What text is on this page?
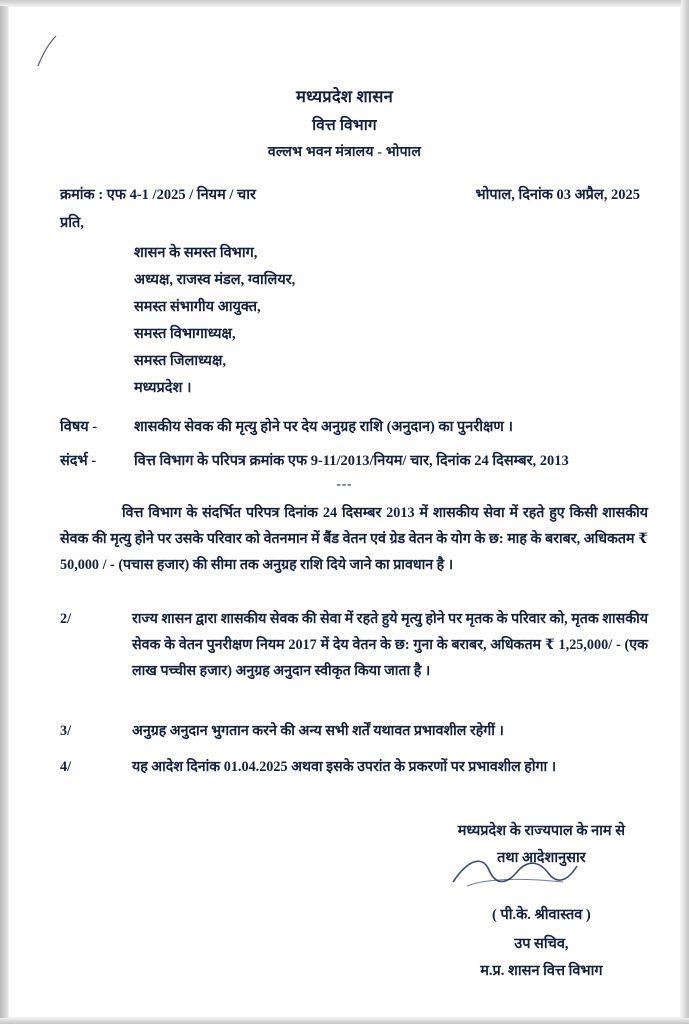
मध्यप्रदेश शासन
वित्त विभाग
वल्लभ भवन मंत्रालय - भोपाल
क्रमांक : एफ 4-1 /2025 / नियम / चार	भोपाल, दिनांक 03 अप्रैल, 2025
प्रति,
शासन के समस्त विभाग,
अध्यक्ष, राजस्व मंडल, ग्वालियर,
समस्त संभागीय आयुक्त,
समस्त विभागाध्यक्ष,
समस्त जिलाध्यक्ष,
मध्यप्रदेश ।
विषय -	शासकीय सेवक की मृत्यु होने पर देय अनुग्रह राशि (अनुदान) का पुनरीक्षण ।
संदर्भ -	वित्त विभाग के परिपत्र क्रमांक एफ 9-11/2013/नियम/ चार, दिनांक 24 दिसम्बर, 2013
---
वित्त विभाग के संदर्भित परिपत्र दिनांक 24 दिसम्बर 2013 में शासकीय सेवा में रहते हुए किसी शासकीय सेवक की मृत्यु होने पर उसके परिवार को वेतनमान में बैंड वेतन एवं ग्रेड वेतन के योग के छ: माह के बराबर, अधिकतम ₹ 50,000 / - (पचास हजार) की सीमा तक अनुग्रह राशि दिये जाने का प्रावधान है ।
2/	राज्य शासन द्वारा शासकीय सेवक की सेवा में रहते हुये मृत्यु होने पर मृतक के परिवार को, मृतक शासकीय सेवक के वेतन पुनरीक्षण नियम 2017 में देय वेतन के छ: गुना के बराबर, अधिकतम ₹ 1,25,000/ - (एक लाख पच्चीस हजार) अनुग्रह अनुदान स्वीकृत किया जाता है ।
3/	अनुग्रह अनुदान भुगतान करने की अन्य सभी शर्तें यथावत प्रभावशील रहेगीं ।
4/	यह आदेश दिनांक 01.04.2025 अथवा इसके उपरांत के प्रकरणों पर प्रभावशील होगा ।
मध्यप्रदेश के राज्यपाल के नाम से
तथा आदेशानुसार
( पी.के. श्रीवास्तव )
उप सचिव,
म.प्र. शासन वित्त विभाग
